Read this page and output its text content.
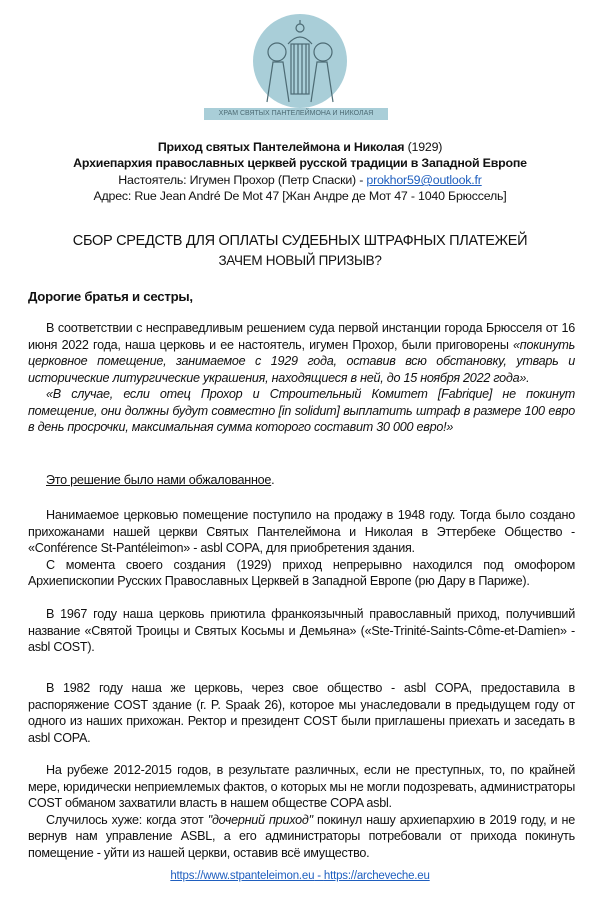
ХРАМ СВЯТЫХ ПАНТЕЛЕЙМОНА И НИКОЛАЯ
Приход святых Пантелеймона и Николая (1929)
Архиепархия православных церквей русской традиции в Западной Европе
Настоятель: Игумен Прохор (Петр Спаски) - prokhor59@outlook.fr
Адрес: Rue Jean André De Mot 47 [Жан Андре де Мот 47 - 1040 Брюссель]
СБОР СРЕДСТВ ДЛЯ ОПЛАТЫ СУДЕБНЫХ ШТРАФНЫХ ПЛАТЕЖЕЙ
ЗАЧЕМ НОВЫЙ ПРИЗЫВ?
Дорогие братья и сестры,

В соответствии с несправедливым решением суда первой инстанции города Брюсселя от 16 июня 2022 года, наша церковь и ее настоятель, игумен Прохор, были приговорены «покинуть церковное помещение, занимаемое с 1929 года, оставив всю обстановку, утварь и исторические литургические украшения, находящиеся в ней, до 15 ноября 2022 года».

«В случае, если отец Прохор и Строительный Комитет [Fabrique] не покинут помещение, они должны будут совместно [in solidum] выплатить штраф в размере 100 евро в день просрочки, максимальная сумма которого составит 30 000 евро!»

Это решение было нами обжалованное.

Нанимаемое церковью помещение поступило на продажу в 1948 году. Тогда было создано прихожанами нашей церкви Святых Пантелеймона и Николая в Эттербеке Общество - «Conférence St-Pantéleimon» - asbl COPA, для приобретения здания.

С момента своего создания (1929) приход непрерывно находился под омофором Архиепископии Русских Православных Церквей в Западной Европе (рю Дару в Париже).

В 1967 году наша церковь приютила франкоязычный православный приход, получивший название «Святой Троицы и Святых Косьмы и Демьяна» («Ste-Trinité-Saints-Côme-et-Damien» - asbl COST).
В 1982 году наша же церковь, через свое общество - asbl COPA, предоставила в распоряжение COST здание (г. P. Spaak 26), которое мы унаследовали в предыдущем году от одного из наших прихожан. Ректор и президент COST были приглашены приехать и заседать в asbl COPA.

На рубеже 2012-2015 годов, в результате различных, если не преступных, то, по крайней мере, юридически неприемлемых фактов, о которых мы не могли подозревать, администраторы COST обманом захватили власть в нашем обществе COPA asbl.

Случилось хуже: когда этот "дочерний приход" покинул нашу архиепархию в 2019 году, и не вернув нам управление ASBL, а его администраторы потребовали от прихода покинуть помещение - уйти из нашей церкви, оставив всё имущество.

https://www.stpanteleimon.eu - https://archeveche.eu
